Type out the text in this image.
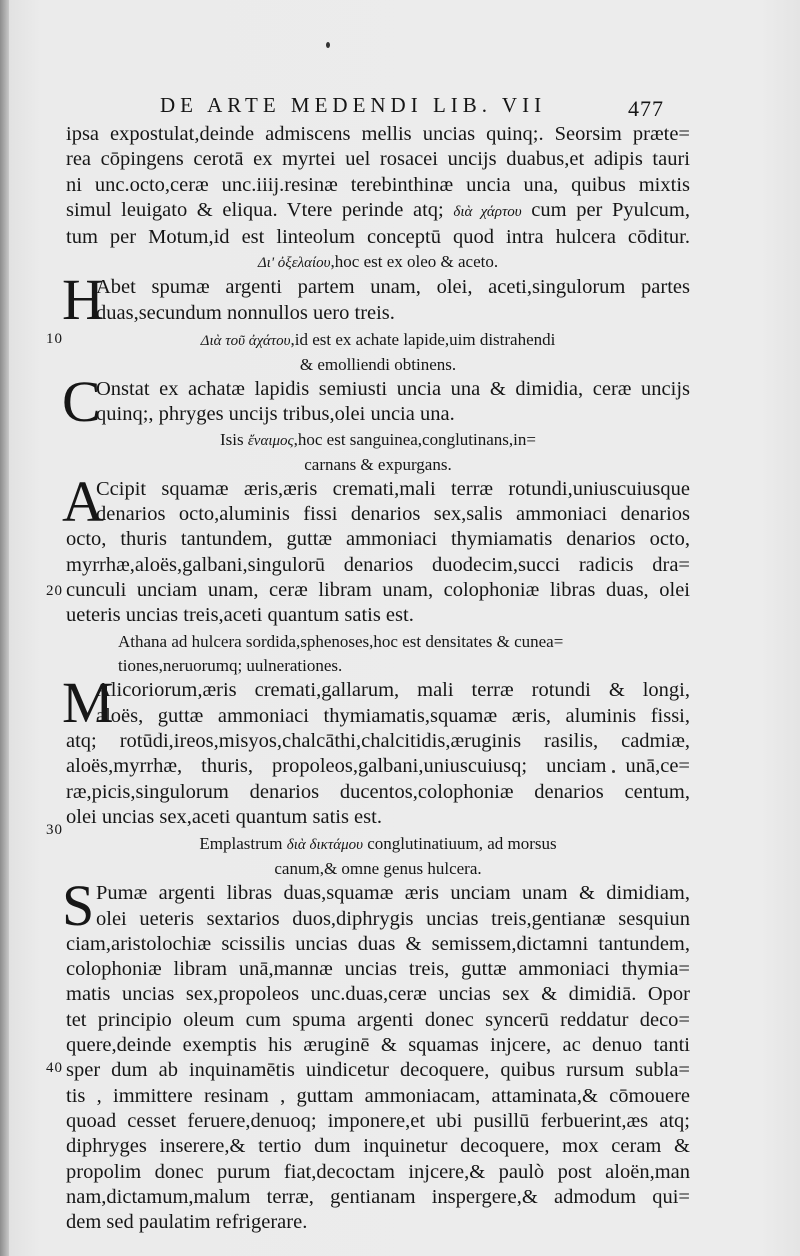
DE ARTE MEDENDI LIB. VII	477
10
20
30
40
ipsa expostulat,deinde admiscens mellis uncias quinq;. Seorsim præte=
rea cōpingens cerotā ex myrtei uel rosacei uncijs duabus,et adipis tauri
ni unc.octo,ceræ unc.iiij.resinæ terebinthinæ uncia una, quibus mixtis
simul leuigato & eliqua. Vtere perinde atq; διὰ χάρτου cum per Pyulcum,
tum per Motum,id est linteolum conceptū quod intra hulcera cōditur.
Δι' ὀξελαίου,hoc est ex oleo & aceto.
H
Abet spumæ argenti partem unam, olei, aceti,singulorum partes
duas,secundum nonnullos uero treis.
Διὰ τοῦ ἀχάτου,id est ex achate lapide,uim distrahendi
& emolliendi obtinens.
C
Onstat ex achatæ lapidis semiusti uncia una & dimidia, ceræ uncijs
quinq;, phryges uncijs tribus,olei uncia una.
Isis ἔναιμος,hoc est sanguinea,conglutinans,in=
carnans & expurgans.
A
Ccipit squamæ æris,æris cremati,mali terræ rotundi,uniuscuiusque
denarios octo,aluminis fissi denarios sex,salis ammoniaci denarios
octo, thuris tantundem, guttæ ammoniaci thymiamatis denarios octo,
myrrhæ,aloës,galbani,singulorū denarios duodecim,succi radicis dra=
cunculi unciam unam, ceræ libram unam, colophoniæ libras duas, olei
ueteris uncias treis,aceti quantum satis est.
Athana ad hulcera sordida,sphenoses,hoc est densitates & cunea=
tiones,neruorumq; uulnerationes.
M
Alicoriorum,æris cremati,gallarum, mali terræ rotundi & longi,
aloës, guttæ ammoniaci thymiamatis,squamæ æris, aluminis fissi,
atq; rotūdi,ireos,misyos,chalcāthi,chalcitidis,æruginis rasilis, cadmiæ,
aloës,myrrhæ, thuris, propoleos,galbani,uniuscuiusq; unciam unā,ce=
ræ,picis,singulorum denarios ducentos,colophoniæ denarios centum,
olei uncias sex,aceti quantum satis est.
Emplastrum διὰ δικτάμου conglutinatiuum, ad morsus
canum,& omne genus hulcera.
S Pumæ argenti libras duas,squamæ æris unciam unam & dimidiam,
olei ueteris sextarios duos,diphrygis uncias treis,gentianæ sesquiun
ciam,aristolochiæ scissilis uncias duas & semissem,dictamni tantundem,
colophoniæ libram unā,mannæ uncias treis, guttæ ammoniaci thymia=
matis uncias sex,propoleos unc.duas,ceræ uncias sex & dimidiā. Opor
tet principio oleum cum spuma argenti donec syncerū reddatur deco=
quere,deinde exemptis his æruginē & squamas injcere, ac denuo tanti
sper dum ab inquinamētis uindicetur decoquere, quibus rursum subla=
tis , immittere resinam , guttam ammoniacam, attaminata,& cōmouere
quoad cesset feruere,denuoq; imponere,et ubi pusillū ferbuerint,æs atq;
diphryges inserere,& tertio dum inquinetur decoquere, mox ceram &
propolim donec purum fiat,decoctam injcere,& paulò post aloën,man
nam,dictamum,malum terræ, gentianam inspergere,& admodum qui=
dem sed paulatim refrigerare.
